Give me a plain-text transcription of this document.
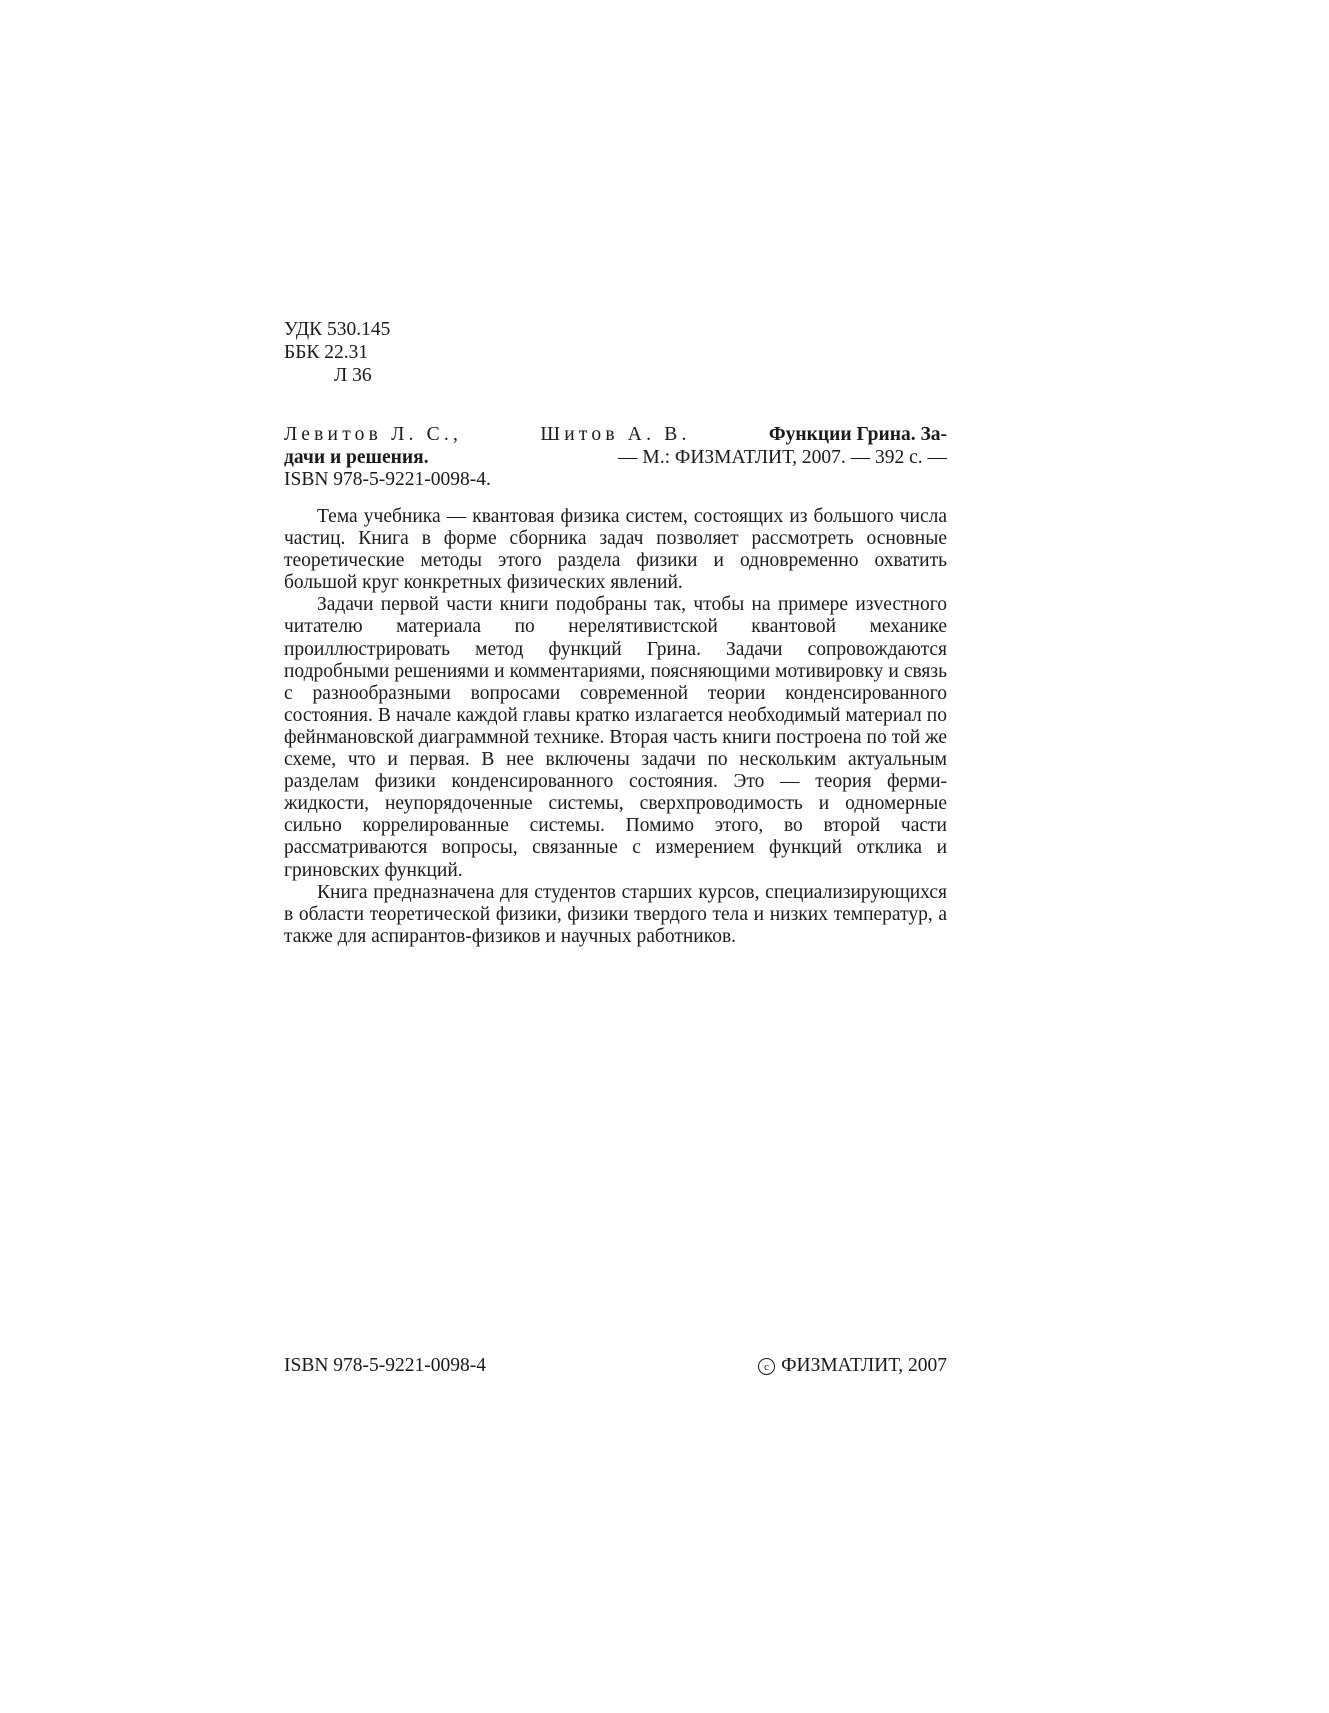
УДК 530.145
ББК 22.31
Л 36
Левитов Л. С.,	Шитов А. В.	Функции Грина. За-
дачи и решения.	— М.: ФИЗМАТЛИТ, 2007. — 392 с. —
ISBN 978-5-9221-0098-4.

Тема учебника — квантовая физика систем, состоящих из большого числа частиц. Книга в форме сборника задач позволяет рассмотреть основные теоретические методы этого раздела физики и одновременно охватить большой круг конкретных физических явлений.

Задачи первой части книги подобраны так, чтобы на примере изvестного читателю материала по нерелятивистской квантовой механике проиллюстрировать метод функций Грина. Задачи сопровождаются подробными решениями и комментариями, поясняющими мотивировку и связь с разнообразными вопросами современной теории конденсированного состояния. В начале каждой главы кратко излагается необходимый материал по фейнмановской диаграммной технике. Вторая часть книги построена по той же схеме, что и первая. В нее включены задачи по нескольким актуальным разделам физики конденсированного состояния. Это — теория ферми-жидкости, неупорядоченные системы, сверхпроводимость и одномерные сильно коррелированные системы. Помимо этого, во второй части рассматриваются вопросы, связанные с измерением функций отклика и гриновских функций.

Книга предназначена для студентов старших курсов, специализирующихся в области теоретической физики, физики твердого тела и низких температур, а также для аспирантов-физиков и научных работников.

ISBN 978-5-9221-0098-4	c ФИЗМАТЛИТ, 2007
